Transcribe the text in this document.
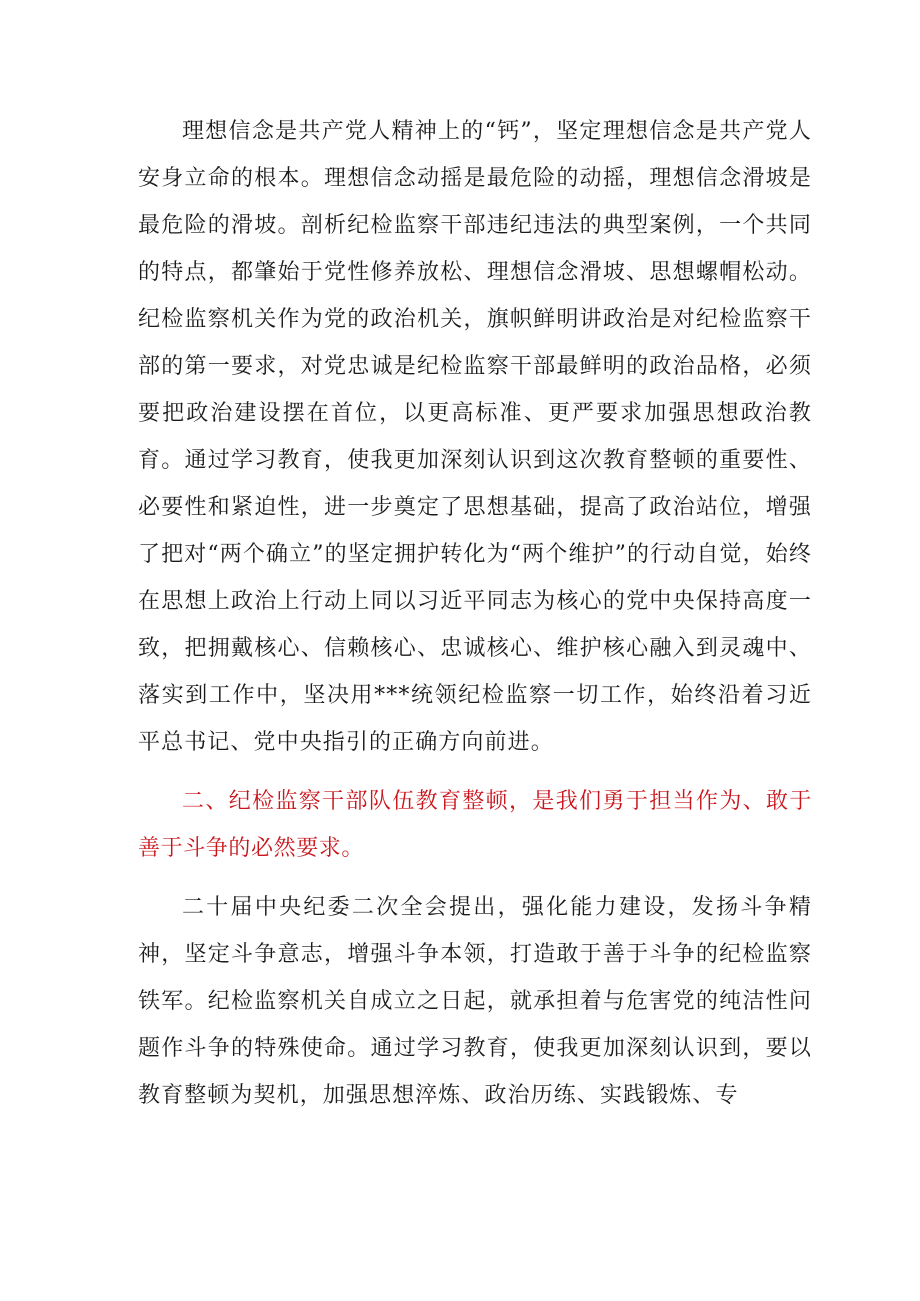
理想信念是共产党人精神上的“钙”，坚定理想信念是共产党人安身立命的根本。理想信念动摇是最危险的动摇，理想信念滑坡是最危险的滑坡。剖析纪检监察干部违纪违法的典型案例，一个共同的特点，都肇始于党性修养放松、理想信念滑坡、思想螺帽松动。纪检监察机关作为党的政治机关，旗帜鲜明讲政治是对纪检监察干部的第一要求，对党忠诚是纪检监察干部最鲜明的政治品格，必须要把政治建设摆在首位，以更高标准、更严要求加强思想政治教育。通过学习教育，使我更加深刻认识到这次教育整顿的重要性、必要性和紧迫性，进一步奠定了思想基础，提高了政治站位，增强了把对“两个确立”的坚定拥护转化为“两个维护”的行动自觉，始终在思想上政治上行动上同以习近平同志为核心的党中央保持高度一致，把拥戴核心、信赖核心、忠诚核心、维护核心融入到灵魂中、落实到工作中，坚决用***统领纪检监察一切工作，始终沿着习近平总书记、党中央指引的正确方向前进。

二、纪检监察干部队伍教育整顿，是我们勇于担当作为、敢于善于斗争的必然要求。

二十届中央纪委二次全会提出，强化能力建设，发扬斗争精神，坚定斗争意志，增强斗争本领，打造敢于善于斗争的纪检监察铁军。纪检监察机关自成立之日起，就承担着与危害党的纯洁性问题作斗争的特殊使命。通过学习教育，使我更加深刻认识到，要以教育整顿为契机，加强思想淬炼、政治历练、实践锻炼、专
